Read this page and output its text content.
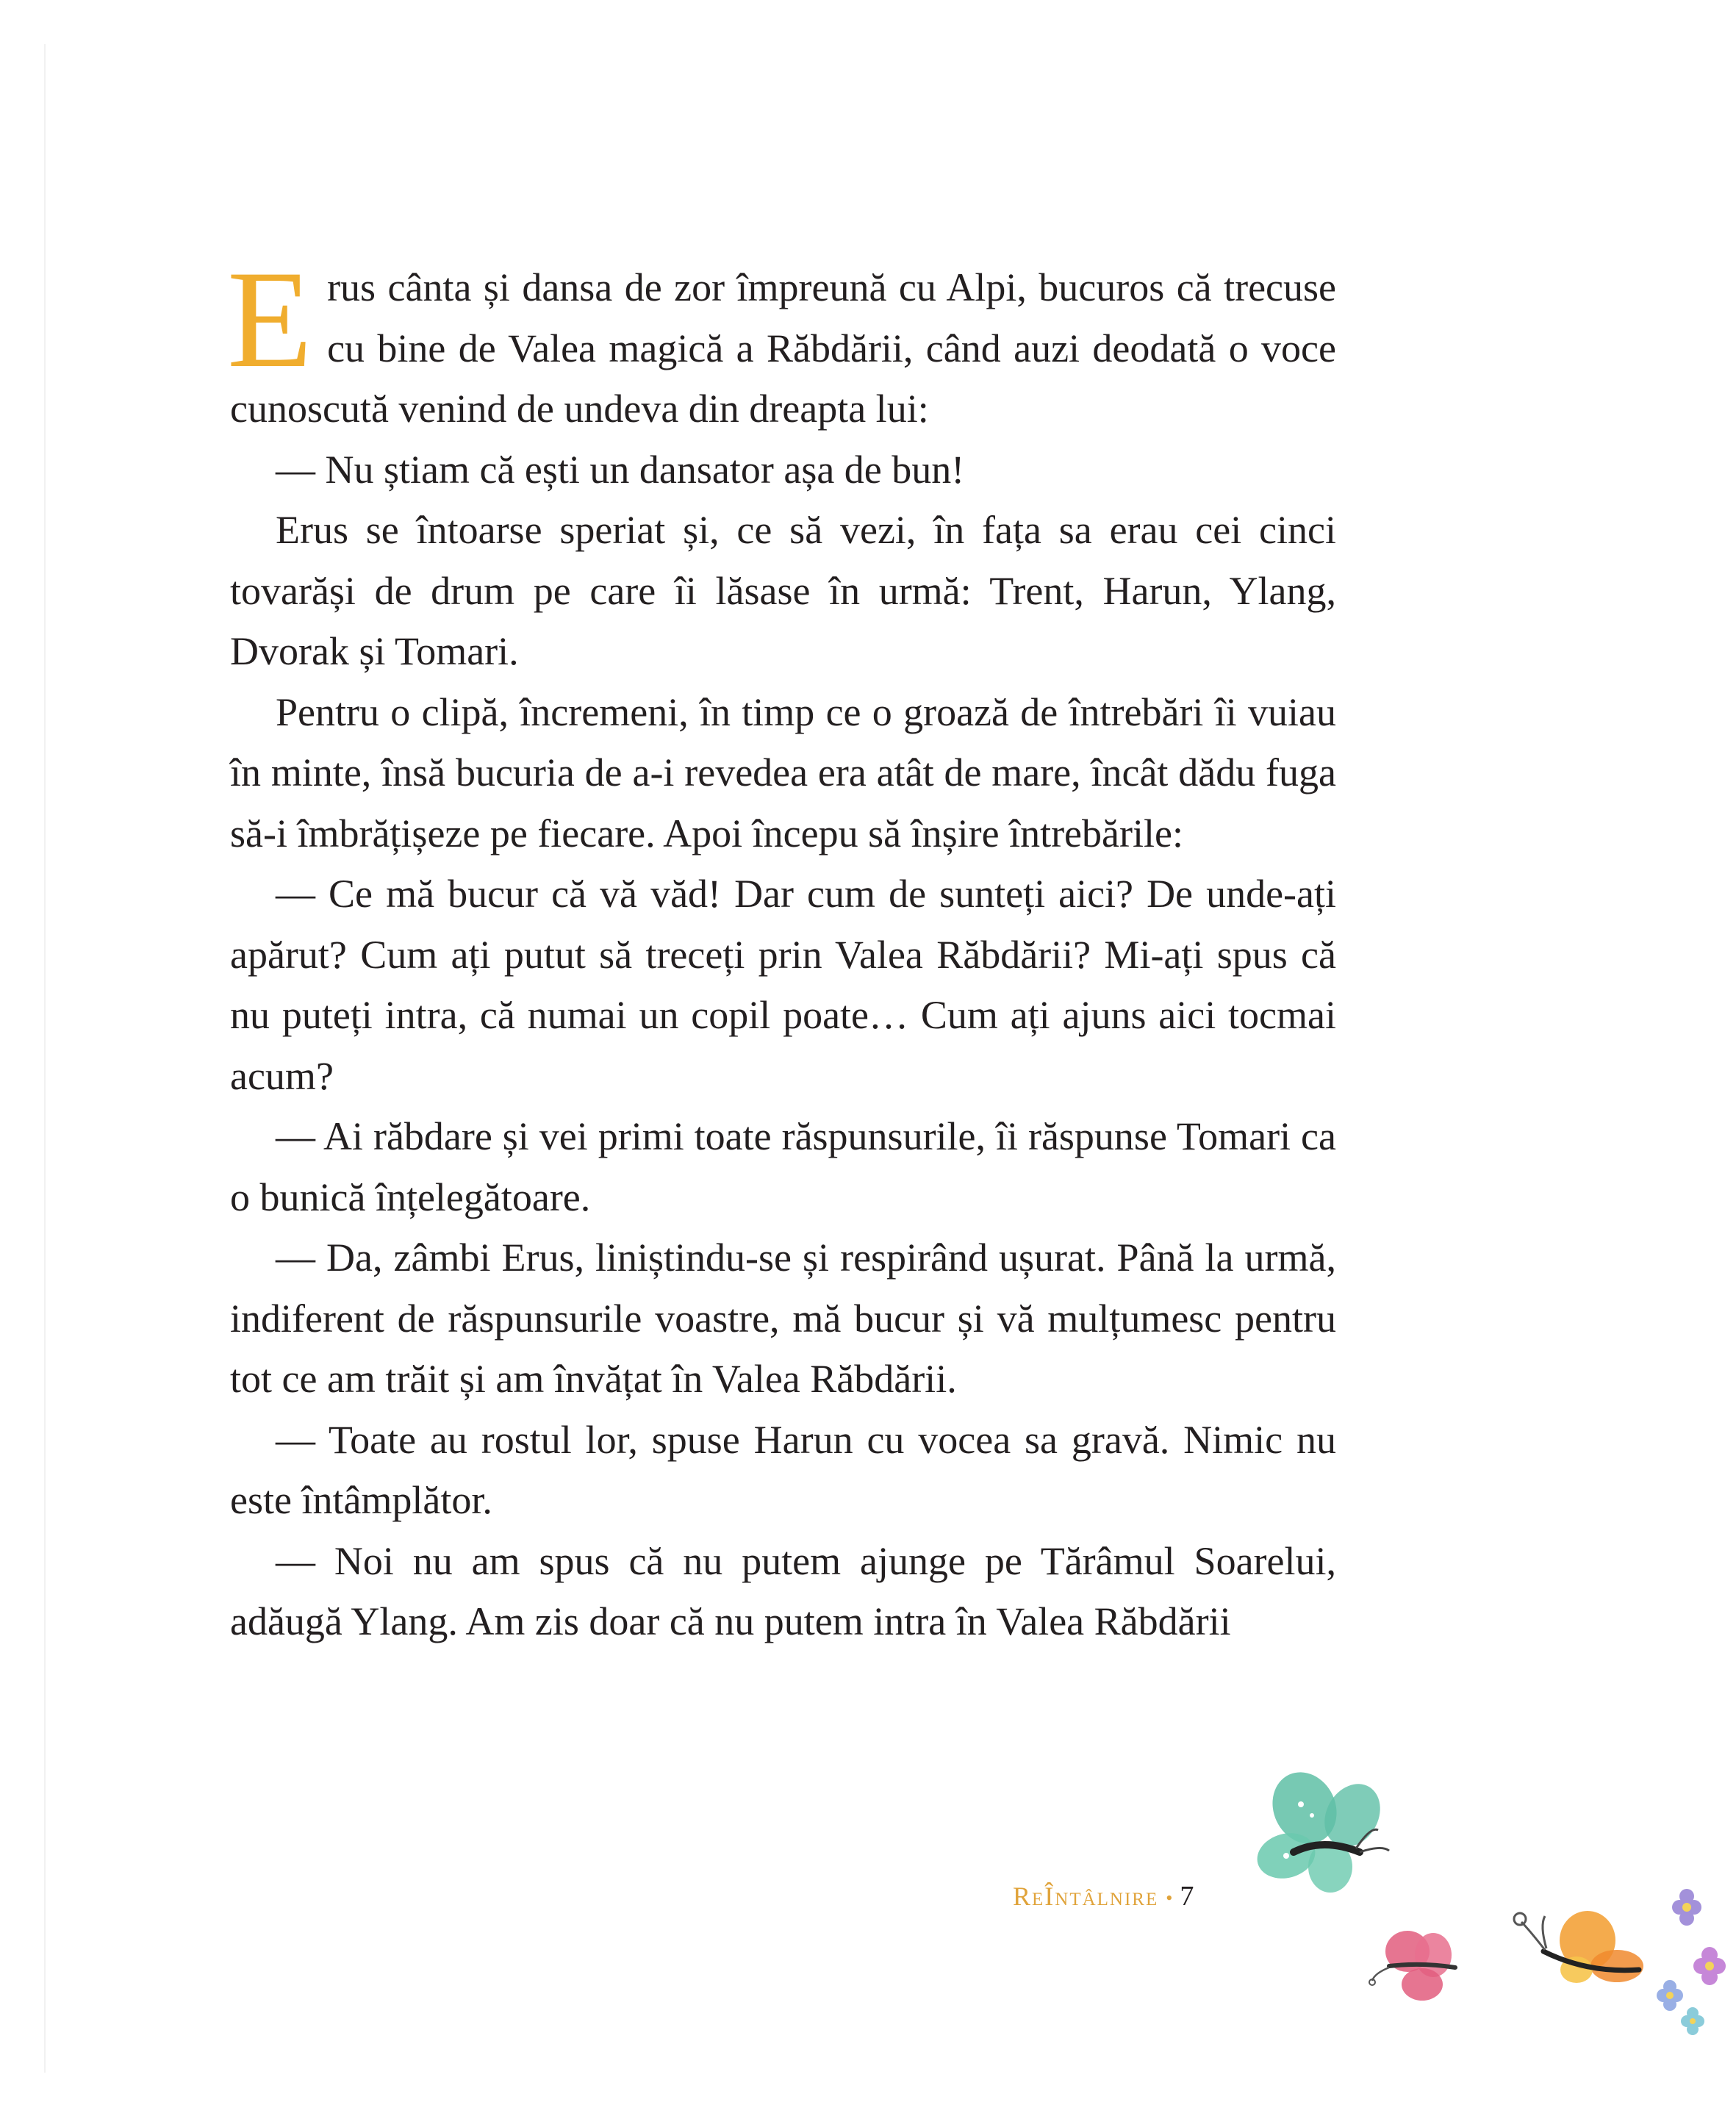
Erus cânta și dansa de zor împreună cu Alpi, bucuros că trecuse cu bine de Valea magică a Răbdării, când auzi deodată o voce cunoscută venind de undeva din dreapta lui:

— Nu știam că ești un dansator așa de bun!

Erus se întoarse speriat și, ce să vezi, în fața sa erau cei cinci tovarăși de drum pe care îi lăsase în urmă: Trent, Harun, Ylang, Dvorak și Tomari.

Pentru o clipă, încremeni, în timp ce o groază de întrebări îi vuiau în minte, însă bucuria de a-i revedea era atât de mare, încât dădu fuga să-i îmbrățișeze pe fiecare. Apoi începu să înșire întrebările:

— Ce mă bucur că vă văd! Dar cum de sunteți aici? De unde-ați apărut? Cum ați putut să treceți prin Valea Răbdării? Mi-ați spus că nu puteți intra, că numai un copil poate… Cum ați ajuns aici tocmai acum?

— Ai răbdare și vei primi toate răspunsurile, îi răspunse Tomari ca o bunică înțelegătoare.

— Da, zâmbi Erus, liniștindu-se și respirând ușurat. Până la urmă, indiferent de răspunsurile voastre, mă bucur și vă mulțumesc pentru tot ce am trăit și am învățat în Valea Răbdării.

— Toate au rostul lor, spuse Harun cu vocea sa gravă. Nimic nu este întâmplător.

— Noi nu am spus că nu putem ajunge pe Tărâmul Soarelui, adăugă Ylang. Am zis doar că nu putem intra în Valea Răbdării

ReÎntâlnire • 7
